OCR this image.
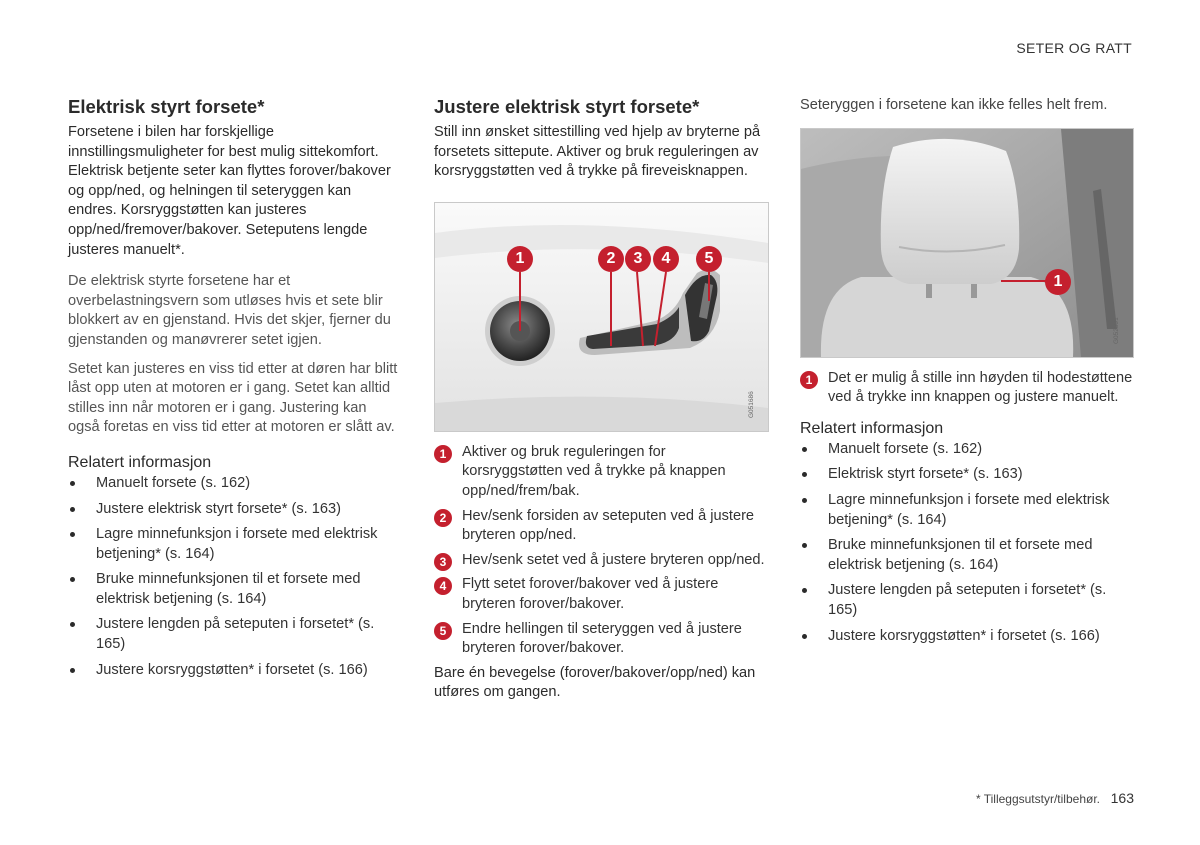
SETER OG RATT
Elektrisk styrt forsete*

Forsetene i bilen har forskjellige innstillingsmuligheter for best mulig sittekomfort. Elektrisk betjente seter kan flyttes forover/bakover og opp/ned, og helningen til seteryggen kan endres. Korsryggstøtten kan justeres opp/ned/fremover/bakover. Seteputens lengde justeres manuelt*.

De elektrisk styrte forsetene har et overbelastningsvern som utløses hvis et sete blir blokkert av en gjenstand. Hvis det skjer, fjerner du gjenstanden og manøvrerer setet igjen.

Setet kan justeres en viss tid etter at døren har blitt låst opp uten at motoren er i gang. Setet kan alltid stilles inn når motoren er i gang. Justering kan også foretas en viss tid etter at motoren er slått av.

Relatert informasjon
Manuelt forsete (s. 162)
Justere elektrisk styrt forsete* (s. 163)
Lagre minnefunksjon i forsete med elektrisk betjening* (s. 164)
Bruke minnefunksjonen til et forsete med elektrisk betjening (s. 164)
Justere lengden på seteputen i forsetet* (s. 165)
Justere korsryggstøtten* i forsetet (s. 166)
Justere elektrisk styrt forsete*

Still inn ønsket sittestilling ved hjelp av bryterne på forsetets sittepute. Aktiver og bruk reguleringen av korsryggstøtten ved å trykke på fireveisknappen.

1	2	3	4	5
G051686
1	Aktiver og bruk reguleringen for korsryggstøtten ved å trykke på knappen opp/ned/frem/bak.
2	Hev/senk forsiden av seteputen ved å justere bryteren opp/ned.
3	Hev/senk setet ved å justere bryteren opp/ned.
4	Flytt setet forover/bakover ved å justere bryteren forover/bakover.
5	Endre hellingen til seteryggen ved å justere bryteren forover/bakover.

Bare én bevegelse (forover/bakover/opp/ned) kan utføres om gangen.

Seteryggen i forsetene kan ikke felles helt frem.

1
G052391
1	Det er mulig å stille inn høyden til hodestøttene ved å trykke inn knappen og justere manuelt.
Relatert informasjon
Manuelt forsete (s. 162)
Elektrisk styrt forsete* (s. 163)
Lagre minnefunksjon i forsete med elektrisk betjening* (s. 164)
Bruke minnefunksjonen til et forsete med elektrisk betjening (s. 164)
Justere lengden på seteputen i forsetet* (s. 165)
Justere korsryggstøtten* i forsetet (s. 166)
* Tilleggsutstyr/tilbehør. 163
